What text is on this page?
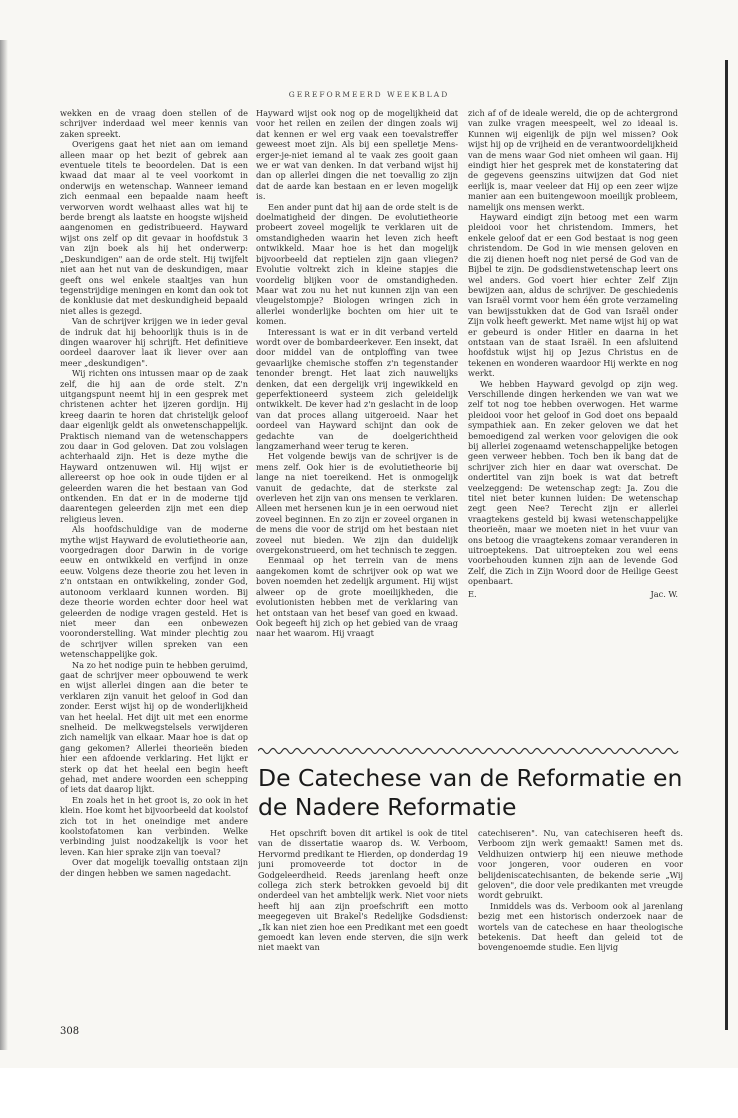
GEREFORMEERD WEEKBLAD

wekken en de vraag doen stellen of de schrijver inderdaad wel meer kennis van zaken spreekt.

Overigens gaat het niet aan om iemand alleen maar op het bezit of gebrek aan eventuele titels te beoordelen. Dat is een kwaad dat maar al te veel voorkomt in onderwijs en wetenschap. Wanneer iemand zich eenmaal een bepaalde naam heeft verworven wordt welhaast alles wat hij te berde brengt als laatste en hoogste wijsheid aangenomen en gedistribueerd. Hayward wijst ons zelf op dit gevaar in hoofdstuk 3 van zijn boek als hij het onderwerp: „Deskundigen" aan de orde stelt. Hij twijfelt niet aan het nut van de deskundigen, maar geeft ons wel enkele staaltjes van hun tegenstrijdige meningen en komt dan ook tot de konklusie dat met deskundigheid bepaald niet alles is gezegd.

Van de schrijver krijgen we in ieder geval de indruk dat hij behoorlijk thuis is in de dingen waarover hij schrijft. Het definitieve oordeel daarover laat ik liever over aan meer „deskundigen".

Wij richten ons intussen maar op de zaak zelf, die hij aan de orde stelt. Z'n uitgangspunt neemt hij in een gesprek met christenen achter het ijzeren gordijn. Hij kreeg daarin te horen dat christelijk geloof daar eigenlijk geldt als onwetenschappelijk. Praktisch niemand van de wetenschappers zou daar in God geloven. Dat zou volslagen achterhaald zijn. Het is deze mythe die Hayward ontzenuwen wil. Hij wijst er allereerst op hoe ook in oude tijden er al geleerden waren die het bestaan van God ontkenden. En dat er in de moderne tijd daarentegen geleerden zijn met een diep religieus leven.

Als hoofdschuldige van de moderne mythe wijst Hayward de evolutietheorie aan, voorgedragen door Darwin in de vorige eeuw en ontwikkeld en verfijnd in onze eeuw. Volgens deze theorie zou het leven in z'n ontstaan en ontwikkeling, zonder God, autonoom verklaard kunnen worden. Bij deze theorie worden echter door heel wat geleerden de nodige vragen gesteld. Het is niet meer dan een onbewezen vooronderstelling. Wat minder plechtig zou de schrijver willen spreken van een wetenschappelijke gok.

Na zo het nodige puin te hebben geruimd, gaat de schrijver meer opbouwend te werk en wijst allerlei dingen aan die beter te verklaren zijn vanuit het geloof in God dan zonder. Eerst wijst hij op de wonderlijkheid van het heelal. Het dijt uit met een enorme snelheid. De melkwegstelsels verwijderen zich namelijk van elkaar. Maar hoe is dat op gang gekomen? Allerlei theorieën bieden hier een afdoende verklaring. Het lijkt er sterk op dat het heelal een begin heeft gehad, met andere woorden een schepping of iets dat daarop lijkt.

En zoals het in het groot is, zo ook in het klein. Hoe komt het bijvoorbeeld dat koolstof zich tot in het oneindige met andere koolstofatomen kan verbinden. Welke verbinding juist noodzakelijk is voor het leven. Kan hier sprake zijn van toeval?

Over dat mogelijk toevallig ontstaan zijn der dingen hebben we samen nagedacht.

Hayward wijst ook nog op de mogelijkheid dat voor het reilen en zeilen der dingen zoals wij dat kennen er wel erg vaak een toevalstreffer geweest moet zijn. Als bij een spelletje Mens-erger-je-niet iemand al te vaak zes gooit gaan we er wat van denken. In dat verband wijst hij dan op allerlei dingen die net toevallig zo zijn dat de aarde kan bestaan en er leven mogelijk is.

Een ander punt dat hij aan de orde stelt is de doelmatigheid der dingen. De evolutietheorie probeert zoveel mogelijk te verklaren uit de omstandigheden waarin het leven zich heeft ontwikkeld. Maar hoe is het dan mogelijk bijvoorbeeld dat reptielen zijn gaan vliegen? Evolutie voltrekt zich in kleine stapjes die voordelig blijken voor de omstandigheden. Maar wat zou nu het nut kunnen zijn van een vleugelstompje? Biologen wringen zich in allerlei wonderlijke bochten om hier uit te komen.

Interessant is wat er in dit verband verteld wordt over de bombardeerkever. Een insekt, dat door middel van de ontploffing van twee gevaarlijke chemische stoffen z'n tegenstander tenonder brengt. Het laat zich nauwelijks denken, dat een dergelijk vrij ingewikkeld en geperfektioneerd systeem zich geleidelijk ontwikkelt. De kever had z'n geslacht in de loop van dat proces allang uitgeroeid. Naar het oordeel van Hayward schijnt dan ook de gedachte van de doelgerichtheid langzamerhand weer terug te keren.

Het volgende bewijs van de schrijver is de mens zelf. Ook hier is de evolutietheorie bij lange na niet toereikend. Het is onmogelijk vanuit de gedachte, dat de sterkste zal overleven het zijn van ons mensen te verklaren. Alleen met hersenen kun je in een oerwoud niet zoveel beginnen. En zo zijn er zoveel organen in de mens die voor de strijd om het bestaan niet zoveel nut bieden. We zijn dan duidelijk overgekonstrueerd, om het technisch te zeggen.

Eenmaal op het terrein van de mens aangekomen komt de schrijver ook op wat we boven noemden het zedelijk argument. Hij wijst alweer op de grote moeilijkheden, die evolutionisten hebben met de verklaring van het ontstaan van het besef van goed en kwaad. Ook begeeft hij zich op het gebied van de vraag naar het waarom. Hij vraagt

zich af of de ideale wereld, die op de achtergrond van zulke vragen meespeelt, wel zo ideaal is. Kunnen wij eigenlijk de pijn wel missen? Ook wijst hij op de vrijheid en de verantwoordelijkheid van de mens waar God niet omheen wil gaan. Hij eindigt hier het gesprek met de konstatering dat de gegevens geenszins uitwijzen dat God niet eerlijk is, maar veeleer dat Hij op een zeer wijze manier aan een buitengewoon moeilijk probleem, namelijk ons mensen werkt.

Hayward eindigt zijn betoog met een warm pleidooi voor het christendom. Immers, het enkele geloof dat er een God bestaat is nog geen christendom. De God in wie mensen geloven en die zij dienen hoeft nog niet persé de God van de Bijbel te zijn. De godsdienstwetenschap leert ons wel anders. God voert hier echter Zelf Zijn bewijzen aan, aldus de schrijver. De geschiedenis van Israël vormt voor hem één grote verzameling van bewijsstukken dat de God van Israël onder Zijn volk heeft gewerkt. Met name wijst hij op wat er gebeurd is onder Hitler en daarna in het ontstaan van de staat Israël. In een afsluitend hoofdstuk wijst hij op Jezus Christus en de tekenen en wonderen waardoor Hij werkte en nog werkt.

We hebben Hayward gevolgd op zijn weg. Verschillende dingen herkenden we van wat we zelf tot nog toe hebben overwogen. Het warme pleidooi voor het geloof in God doet ons bepaald sympathiek aan. En zeker geloven we dat het bemoedigend zal werken voor gelovigen die ook bij allerlei zogenaamd wetenschappelijke betogen geen verweer hebben. Toch ben ik bang dat de schrijver zich hier en daar wat overschat. De ondertitel van zijn boek is wat dat betreft veelzeggend: De wetenschap zegt: Ja. Zou die titel niet beter kunnen luiden: De wetenschap zegt geen Nee? Terecht zijn er allerlei vraagtekens gesteld bij kwasi wetenschappelijke theorieën, maar we moeten niet in het vuur van ons betoog die vraagtekens zomaar veranderen in uitroeptekens. Dat uitroepteken zou wel eens voorbehouden kunnen zijn aan de levende God Zelf, die Zich in Zijn Woord door de Heilige Geest openbaart.

E.	Jac. W.
De Catechese van de Reformatie en de Nadere Reformatie

Het opschrift boven dit artikel is ook de titel van de dissertatie waarop ds. W. Verboom, Hervormd predikant te Hierden, op donderdag 19 juni promoveerde tot doctor in de Godgeleerdheid. Reeds jarenlang heeft onze collega zich sterk betrokken gevoeld bij dit onderdeel van het ambtelijk werk. Niet voor niets heeft hij aan zijn proefschrift een motto meegegeven uit Brakel's Redelijke Godsdienst: „Ik kan niet zien hoe een Predikant met een goedt gemoedt kan leven ende sterven, die sijn werk niet maekt van

catechiseren". Nu, van catechiseren heeft ds. Verboom zijn werk gemaakt! Samen met ds. Veldhuizen ontwierp hij een nieuwe methode voor jongeren, voor ouderen en voor belijdeniscatechisanten, de bekende serie „Wij geloven", die door vele predikanten met vreugde wordt gebruikt.

Inmiddels was ds. Verboom ook al jarenlang bezig met een historisch onderzoek naar de wortels van de catechese en haar theologische betekenis. Dat heeft dan geleid tot de bovengenoemde studie. Een lijvig

308
